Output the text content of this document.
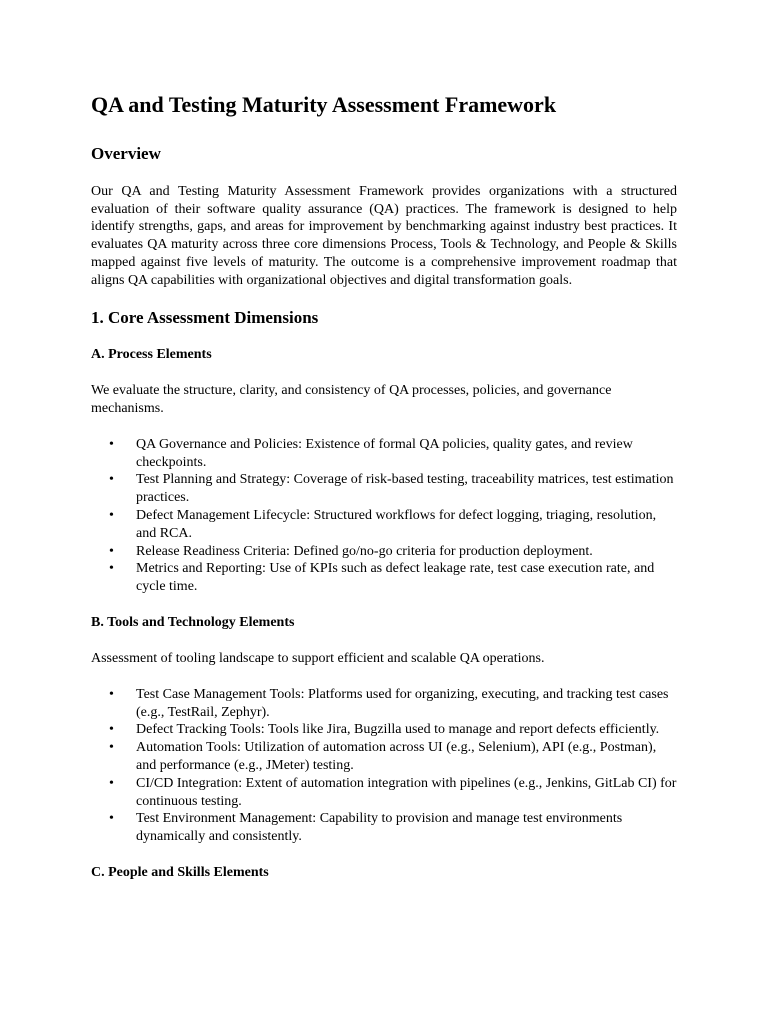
QA and Testing Maturity Assessment Framework
Overview

Our QA and Testing Maturity Assessment Framework provides organizations with a structured evaluation of their software quality assurance (QA) practices. The framework is designed to help identify strengths, gaps, and areas for improvement by benchmarking against industry best practices. It evaluates QA maturity across three core dimensions Process, Tools & Technology, and People & Skills mapped against five levels of maturity. The outcome is a comprehensive improvement roadmap that aligns QA capabilities with organizational objectives and digital transformation goals.

1. Core Assessment Dimensions
A. Process Elements

We evaluate the structure, clarity, and consistency of QA processes, policies, and governance mechanisms.

• QA Governance and Policies: Existence of formal QA policies, quality gates, and review checkpoints.
• Test Planning and Strategy: Coverage of risk-based testing, traceability matrices, test estimation practices.
• Defect Management Lifecycle: Structured workflows for defect logging, triaging, resolution, and RCA.
• Release Readiness Criteria: Defined go/no-go criteria for production deployment.
• Metrics and Reporting: Use of KPIs such as defect leakage rate, test case execution rate, and cycle time.
B. Tools and Technology Elements

Assessment of tooling landscape to support efficient and scalable QA operations.

• Test Case Management Tools: Platforms used for organizing, executing, and tracking test cases (e.g., TestRail, Zephyr).
• Defect Tracking Tools: Tools like Jira, Bugzilla used to manage and report defects efficiently.
• Automation Tools: Utilization of automation across UI (e.g., Selenium), API (e.g., Postman), and performance (e.g., JMeter) testing.
• CI/CD Integration: Extent of automation integration with pipelines (e.g., Jenkins, GitLab CI) for continuous testing.
• Test Environment Management: Capability to provision and manage test environments dynamically and consistently.
C. People and Skills Elements
